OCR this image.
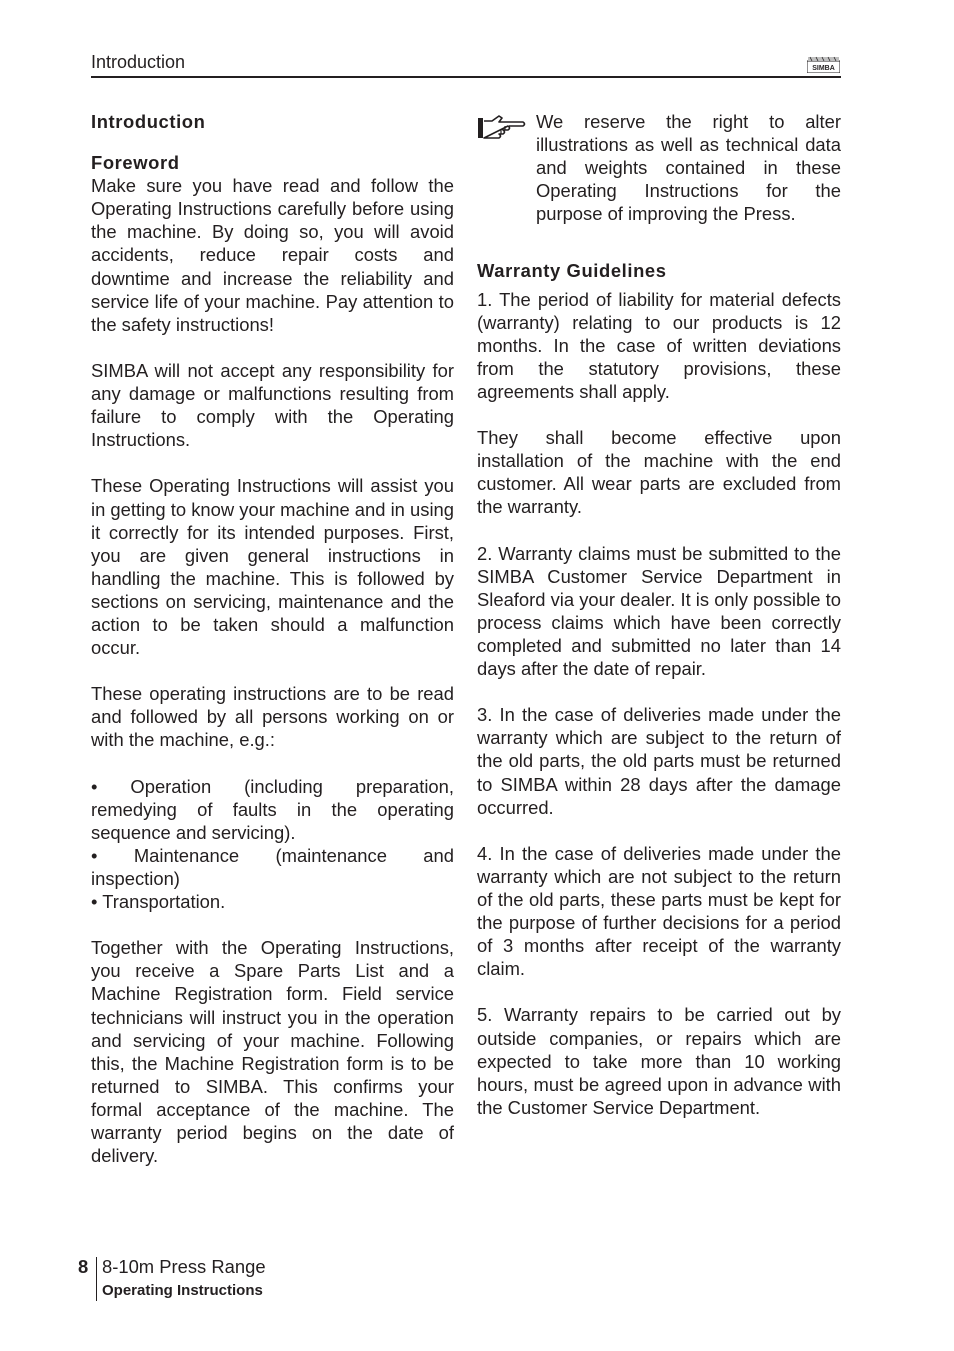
Introduction	SIMBA
Introduction
Foreword

Make sure you have read and follow the Operating Instructions carefully before using the machine. By doing so, you will avoid accidents, reduce repair costs and downtime and increase the reliability and service life of your machine. Pay attention to the safety instructions!

SIMBA will not accept any responsibility for any damage or malfunctions resulting from failure to comply with the Operating Instructions.

These Operating Instructions will assist you in getting to know your machine and in using it correctly for its intended purposes. First, you are given general instructions in handling the machine. This is followed by sections on servicing, maintenance and the action to be taken should a malfunction occur.

These operating instructions are to be read and followed by all persons working on or with the machine, e.g.:

• Operation (including preparation, remedying of faults in the operating sequence and servicing).

• Maintenance (maintenance and inspection)

• Transportation.

Together with the Operating Instructions, you receive a Spare Parts List and a Machine Registration form. Field service technicians will instruct you in the operation and servicing of your machine. Following this, the Machine Registration form is to be returned to SIMBA. This confirms your formal acceptance of the machine. The warranty period begins on the date of delivery.

We reserve the right to alter illustrations as well as technical data and weights contained in these Operating Instructions for the purpose of improving the Press.

Warranty Guidelines

1. The period of liability for material defects (warranty) relating to our products is 12 months. In the case of written deviations from the statutory provisions, these agreements shall apply.

They shall become effective upon installation of the machine with the end customer. All wear parts are excluded from the warranty.

2. Warranty claims must be submitted to the SIMBA Customer Service Department in Sleaford via your dealer. It is only possible to process claims which have been correctly completed and submitted no later than 14 days after the date of repair.

3. In the case of deliveries made under the warranty which are subject to the return of the old parts, the old parts must be returned to SIMBA within 28 days after the damage occurred.

4. In the case of deliveries made under the warranty which are not subject to the return of the old parts, these parts must be kept for the purpose of further decisions for a period of 3 months after receipt of the warranty claim.

5. Warranty repairs to be carried out by outside companies, or repairs which are expected to take more than 10 working hours, must be agreed upon in advance with the Customer Service Department.

8 8-10m Press Range
Operating Instructions
